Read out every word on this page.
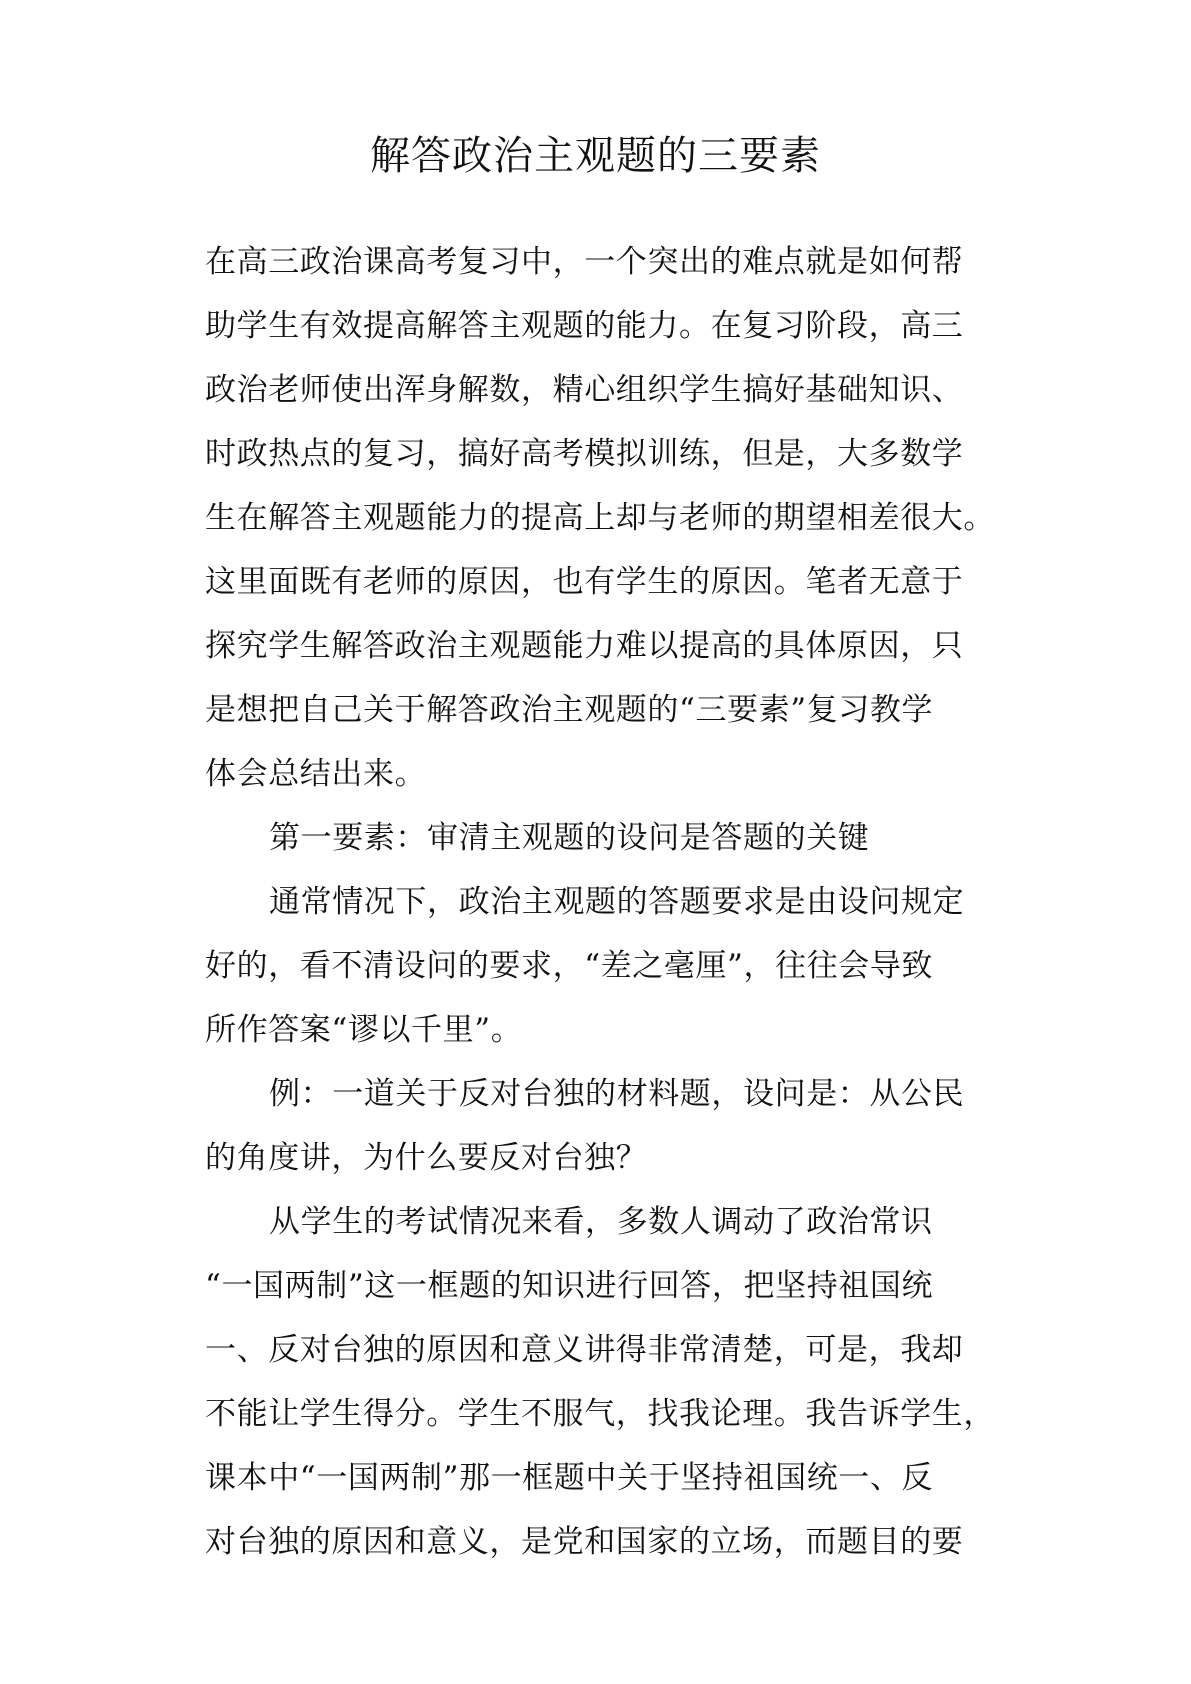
解答政治主观题的三要素
在高三政治课高考复习中，一个突出的难点就是如何帮
助学生有效提高解答主观题的能力。在复习阶段，高三
政治老师使出浑身解数，精心组织学生搞好基础知识、
时政热点的复习，搞好高考模拟训练，但是，大多数学
生在解答主观题能力的提高上却与老师的期望相差很大。
这里面既有老师的原因，也有学生的原因。笔者无意于
探究学生解答政治主观题能力难以提高的具体原因，只
是想把自己关于解答政治主观题的“三要素”复习教学
体会总结出来。
第一要素：审清主观题的设问是答题的关键
通常情况下，政治主观题的答题要求是由设问规定
好的，看不清设问的要求，“差之毫厘”，往往会导致
所作答案“谬以千里”。
例：一道关于反对台独的材料题，设问是：从公民
的角度讲，为什么要反对台独？
从学生的考试情况来看，多数人调动了政治常识
“一国两制”这一框题的知识进行回答，把坚持祖国统
一、反对台独的原因和意义讲得非常清楚，可是，我却
不能让学生得分。学生不服气，找我论理。我告诉学生，
课本中“一国两制”那一框题中关于坚持祖国统一、反
对台独的原因和意义，是党和国家的立场，而题目的要
